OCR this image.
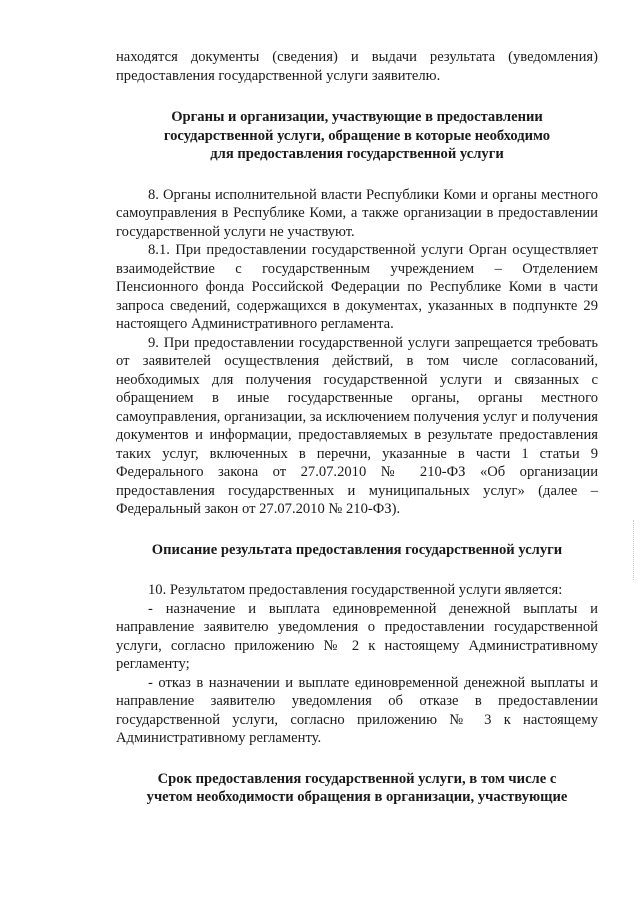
находятся документы (сведения) и выдачи результата (уведомления) предоставления государственной услуги заявителю.

Органы и организации, участвующие в предоставлении
государственной услуги, обращение в которые необходимо
для предоставления государственной услуги

8. Органы исполнительной власти Республики Коми и органы местного самоуправления в Республике Коми, а также организации в предоставлении государственной услуги не участвуют.

8.1. При предоставлении государственной услуги Орган осуществляет взаимодействие с государственным учреждением – Отделением Пенсионного фонда Российской Федерации по Республике Коми в части запроса сведений, содержащихся в документах, указанных в подпункте 29 настоящего Административного регламента.

9. При предоставлении государственной услуги запрещается требовать от заявителей осуществления действий, в том числе согласований, необходимых для получения государственной услуги и связанных с обращением в иные государственные органы, органы местного самоуправления, организации, за исключением получения услуг и получения документов и информации, предоставляемых в результате предоставления таких услуг, включенных в перечни, указанные в части 1 статьи 9 Федерального закона от 27.07.2010 № 210-ФЗ «Об организации предоставления государственных и муниципальных услуг» (далее – Федеральный закон от 27.07.2010 № 210-ФЗ).

Описание результата предоставления государственной услуги

10. Результатом предоставления государственной услуги является:

- назначение и выплата единовременной денежной выплаты и направление заявителю уведомления о предоставлении государственной услуги, согласно приложению № 2 к настоящему Административному регламенту;

- отказ в назначении и выплате единовременной денежной выплаты и направление заявителю уведомления об отказе в предоставлении государственной услуги, согласно приложению № 3 к настоящему Административному регламенту.

Срок предоставления государственной услуги, в том числе с
учетом необходимости обращения в организации, участвующие
